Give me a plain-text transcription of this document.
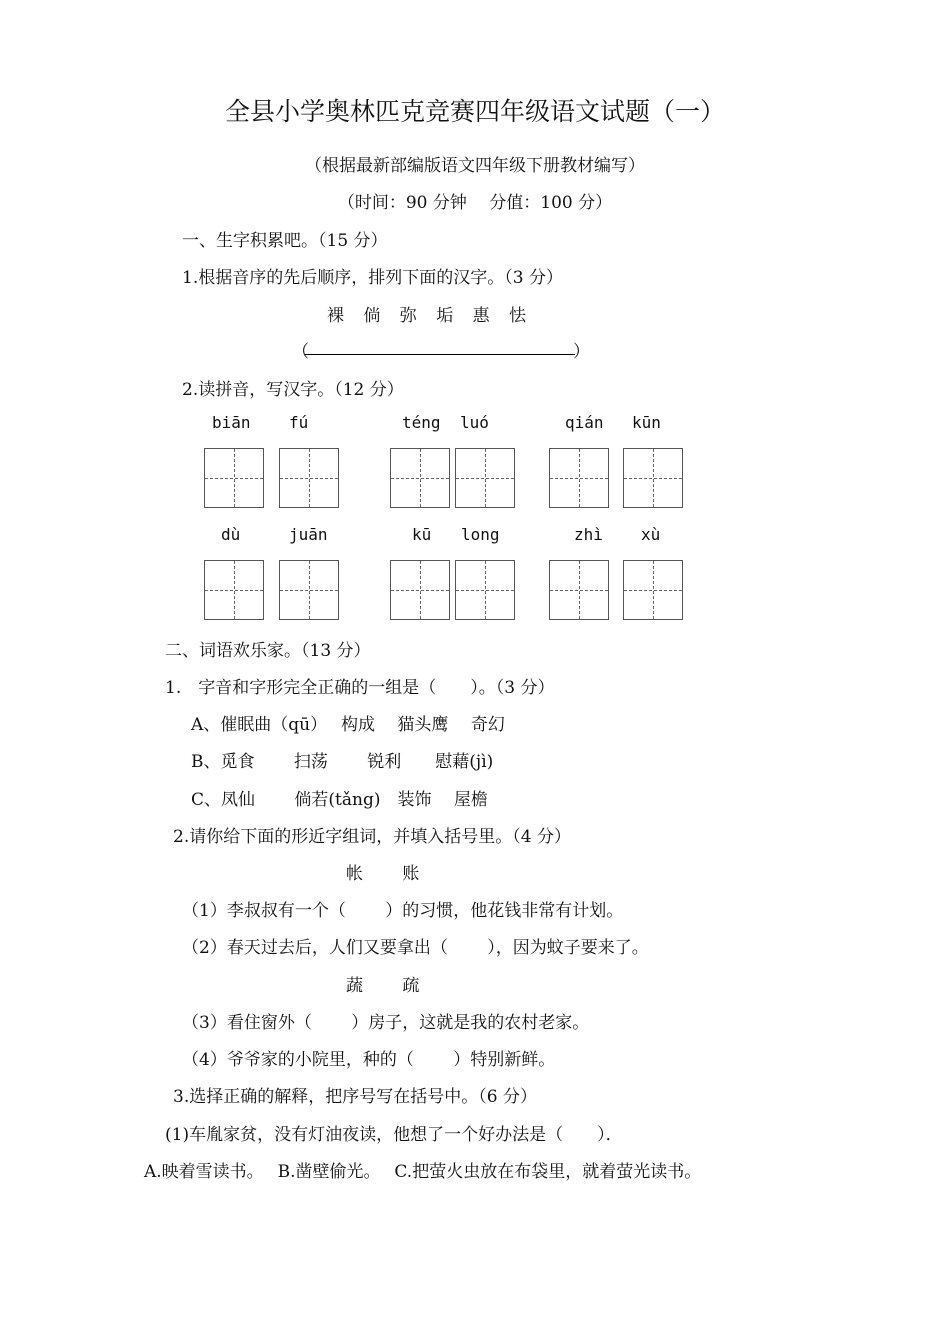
全县小学奥林匹克竞赛四年级语文试题（一）
（根据最新部编版语文四年级下册教材编写）
（时间：90 分钟　 分值：100 分）
一、生字积累吧。（15 分）
1.根据音序的先后顺序，排列下面的汉字。（3 分）
裸 倘 弥 垢 惠 怯
（	）
2.读拼音，写汉字。（12 分）
biān fú	téng luó	qián kūn
dù	juān	kū long	zhì xù
二、词语欢乐家。（13 分）
1.　字音和字形完全正确的一组是（　　）。（3 分）
A、催眠曲（qū）　 构成　 猫头鹰　 奇幻
B、觅食　　 扫荡　　 锐利　　慰藉(jì)
C、凤仙　　 倘若(tǎng)　装饰　 屋檐
2.请你给下面的形近字组词，并填入括号里。（4 分）
帐　　 账
（1）李叔叔有一个（　　 ）的习惯，他花钱非常有计划。
（2）春天过去后，人们又要拿出（　　 ），因为蚊子要来了。
蔬　　 疏
（3）看住窗外（　　 ）房子，这就是我的农村老家。
（4）爷爷家的小院里，种的（　　 ）特别新鲜。
3.选择正确的解释，把序号写在括号中。（6 分）
(1)车胤家贫，没有灯油夜读，他想了一个好办法是（　　）．
A.映着雪读书。　 B.凿壁偷光。　 C.把萤火虫放在布袋里，就着萤光读书。
